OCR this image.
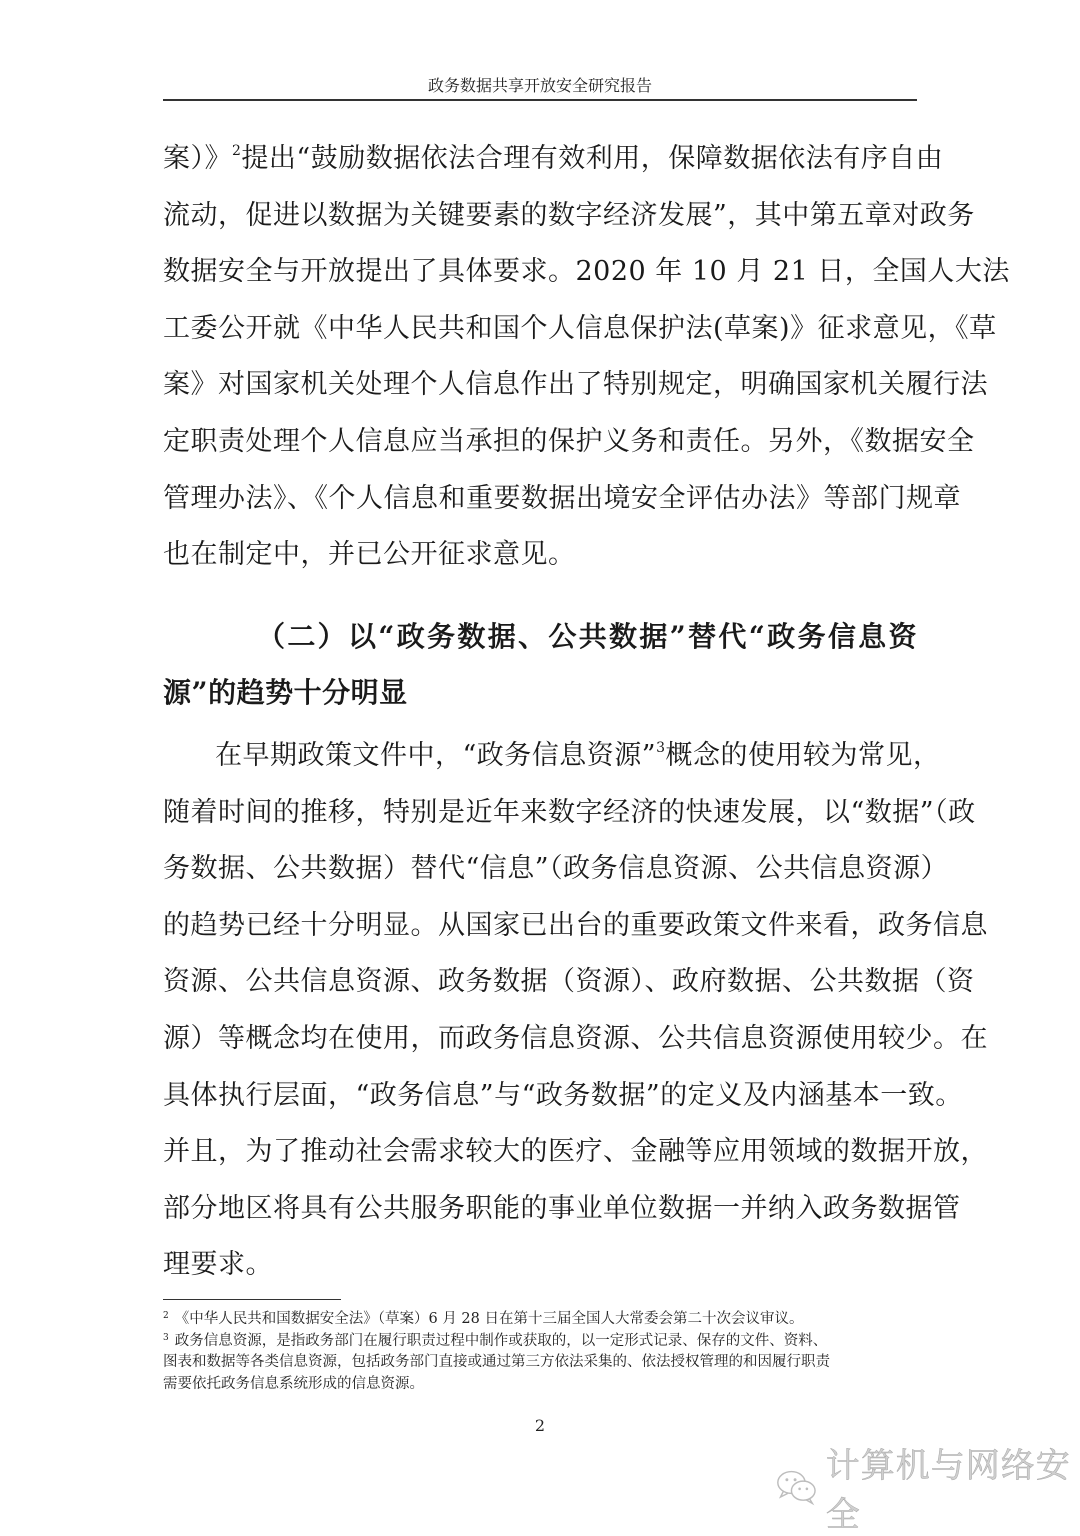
政务数据共享开放安全研究报告
案）》$^2$提出“鼓励数据依法合理有效利用，保障数据依法有序自由
流动，促进以数据为关键要素的数字经济发展”，其中第五章对政务
数据安全与开放提出了具体要求。2020 年 10 月 21 日，全国人大法
工委公开就《中华人民共和国个人信息保护法(草案)》征求意见，《草
案》对国家机关处理个人信息作出了特别规定，明确国家机关履行法
定职责处理个人信息应当承担的保护义务和责任。另外，《数据安全
管理办法》、《个人信息和重要数据出境安全评估办法》等部门规章
也在制定中，并已公开征求意见。
（二）以“政务数据、公共数据”替代“政务信息资
源”的趋势十分明显
在早期政策文件中，“政务信息资源”$^3$概念的使用较为常见，
随着时间的推移，特别是近年来数字经济的快速发展，以“数据”（政
务数据、公共数据）替代“信息”（政务信息资源、公共信息资源）
的趋势已经十分明显。从国家已出台的重要政策文件来看，政务信息
资源、公共信息资源、政务数据（资源）、政府数据、公共数据（资
源）等概念均在使用，而政务信息资源、公共信息资源使用较少。在
具体执行层面，“政务信息”与“政务数据”的定义及内涵基本一致。
并且，为了推动社会需求较大的医疗、金融等应用领域的数据开放，
部分地区将具有公共服务职能的事业单位数据一并纳入政务数据管
理要求。
$^2$ 《中华人民共和国数据安全法》（草案）6 月 28 日在第十三届全国人大常委会第二十次会议审议。
$^3$ 政务信息资源，是指政务部门在履行职责过程中制作或获取的，以一定形式记录、保存的文件、资料、
图表和数据等各类信息资源，包括政务部门直接或通过第三方依法采集的、依法授权管理的和因履行职责
需要依托政务信息系统形成的信息资源。
2
计算机与网络安全
